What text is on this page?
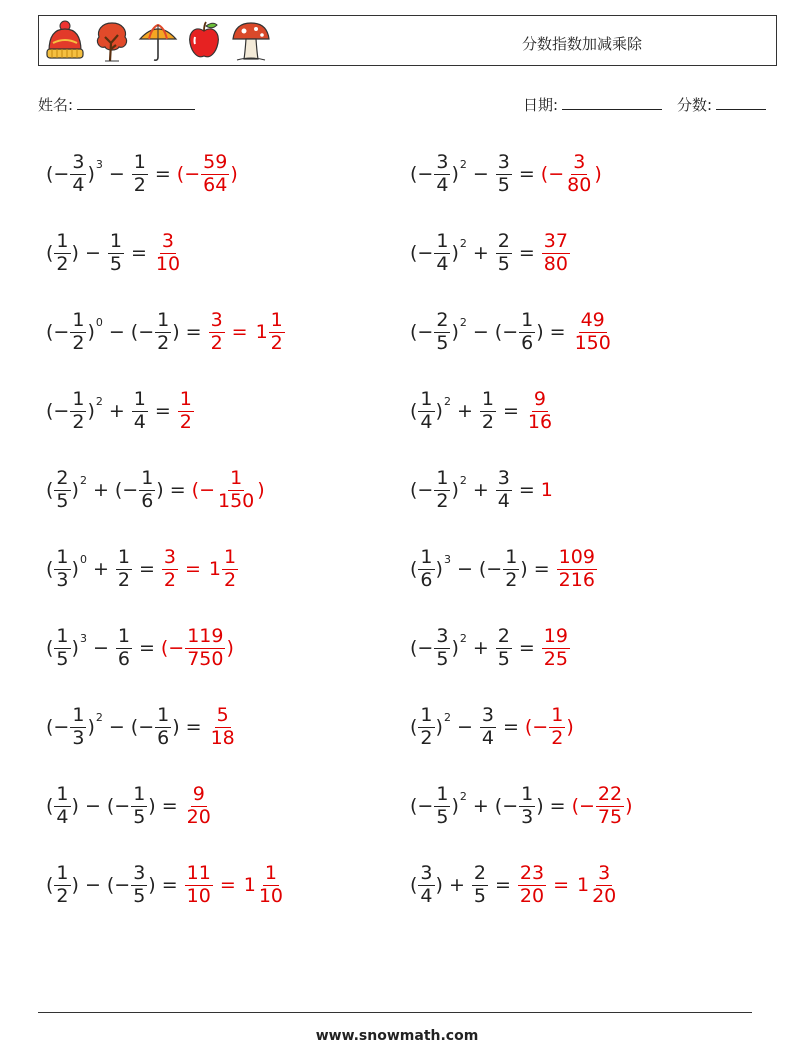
分数指数加减乘除
姓名:	日期:	分数:
( − $\frac{3}{4}$ ) $3 - \frac{1}{2}$ = ( − $\frac{59}{64}$ )	( − $\frac{3}{4}$ ) $2 - \frac{3}{5}$ = ( − $\frac{3}{80}$ )
( $\frac{1}{2}$ ) − $\frac{1}{5} = \frac{3}{10}$	( − $\frac{1}{4}$ ) $2 + \frac{2}{5} = \frac{37}{80}$
( − $\frac{1}{2}$ ) 0 − ( − $\frac{1}{2}$ ) = $\frac{3}{2} = 1 \frac{1}{2}$	( − $\frac{2}{5}$ ) 2 − ( − $\frac{1}{6}$ ) = $\frac{49}{150}$
( − $\frac{1}{2}$ ) $2 + \frac{1}{4} = \frac{1}{2}$	( $\frac{1}{4}$ ) $2 + \frac{1}{2} = \frac{9}{16}$
( $\frac{2}{5}$ ) 2 + ( − $\frac{1}{6}$ ) = ( − $\frac{1}{150}$ )	( − $\frac{1}{2}$ ) $2 + \frac{3}{4} = 1$
( $\frac{1}{3}$ ) $0 + \frac{1}{2} = \frac{3}{2} = 1 \frac{1}{2}$	( $\frac{1}{6}$ ) 3 − ( − $\frac{1}{2}$ ) = $\frac{109}{216}$
( $\frac{1}{5}$ ) $3 - \frac{1}{6}$ = ( − $\frac{119}{750}$ )	( − $\frac{3}{5}$ ) $2 + \frac{2}{5} = \frac{19}{25}$
( − $\frac{1}{3}$ ) 2 − ( − $\frac{1}{6}$ ) = $\frac{5}{18}$	( $\frac{1}{2}$ ) $2 - \frac{3}{4}$ = ( − $\frac{1}{2}$ )
( $\frac{1}{4}$ ) − ( − $\frac{1}{5}$ ) = $\frac{9}{20}$	( − $\frac{1}{5}$ ) 2 + ( − $\frac{1}{3}$ ) = ( − $\frac{22}{75}$ )
( $\frac{1}{2}$ ) − ( − $\frac{3}{5}$ ) = $\frac{11}{10} = 1 \frac{1}{10}$	( $\frac{3}{4}$ ) + $\frac{2}{5} = \frac{23}{20} = 1 \frac{3}{20}$
www.snowmath.com
